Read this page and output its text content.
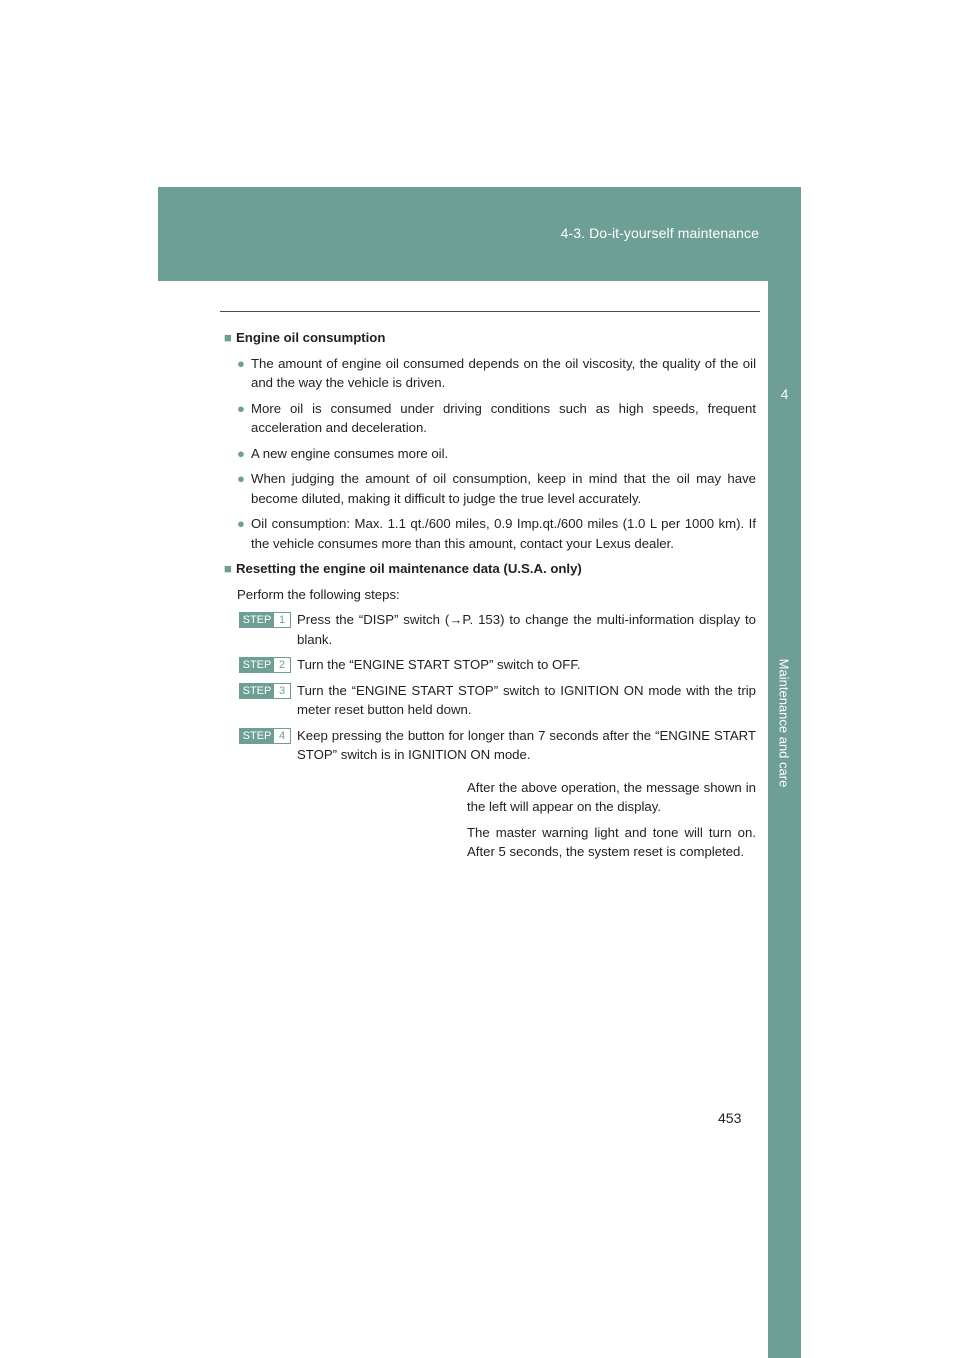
4-3. Do-it-yourself maintenance
4
Maintenance and care
■ Engine oil consumption
● The amount of engine oil consumed depends on the oil viscosity, the quality of the oil and the way the vehicle is driven.
● More oil is consumed under driving conditions such as high speeds, frequent acceleration and deceleration.
● A new engine consumes more oil.
● When judging the amount of oil consumption, keep in mind that the oil may have become diluted, making it difficult to judge the true level accurately.
● Oil consumption: Max. 1.1 qt./600 miles, 0.9 Imp.qt./600 miles (1.0 L per 1000 km). If the vehicle consumes more than this amount, contact your Lexus dealer.
■ Resetting the engine oil maintenance data (U.S.A. only)
Perform the following steps:
STEP 1 Press the “DISP” switch (→P. 153) to change the multi-information display to blank.
STEP 2 Turn the “ENGINE START STOP” switch to OFF.
STEP 3 Turn the “ENGINE START STOP” switch to IGNITION ON mode with the trip meter reset button held down.
STEP 4 Keep pressing the button for longer than 7 seconds after the “ENGINE START STOP” switch is in IGNITION ON mode.
After the above operation, the message shown in the left will appear on the display.
The master warning light and tone will turn on. After 5 seconds, the system reset is completed.
453
